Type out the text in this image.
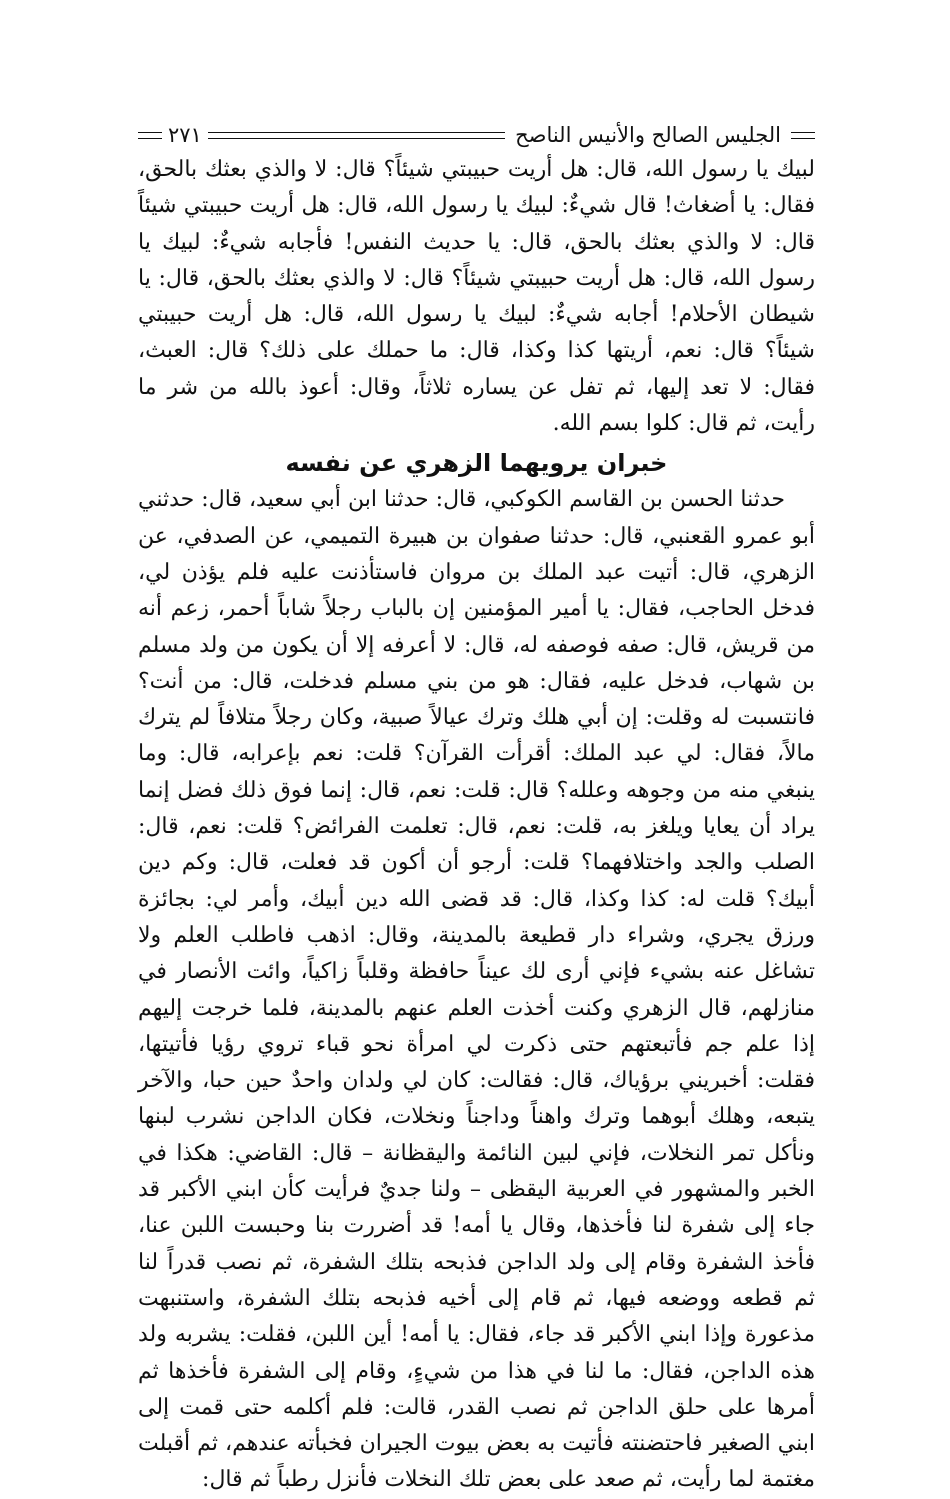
الجليس الصالح والأنيس الناصح
٢٧١

لبيك يا رسول الله، قال: هل أريت حبيبتي شيئاً؟ قال: لا والذي بعثك بالحق، فقال: يا أضغاث! قال شيءٌ: لبيك يا رسول الله، قال: هل أريت حبيبتي شيئاً قال: لا والذي بعثك بالحق، قال: يا حديث النفس! فأجابه شيءٌ: لبيك يا رسول الله، قال: هل أريت حبيبتي شيئاً؟ قال: لا والذي بعثك بالحق، قال: يا شيطان الأحلام! أجابه شيءٌ: لبيك يا رسول الله، قال: هل أريت حبيبتي شيئاً؟ قال: نعم، أريتها كذا وكذا، قال: ما حملك على ذلك؟ قال: العبث، فقال: لا تعد إليها، ثم تفل عن يساره ثلاثاً، وقال: أعوذ بالله من شر ما رأيت، ثم قال: كلوا بسم الله.

خبران يرويهما الزهري عن نفسه

حدثنا الحسن بن القاسم الكوكبي، قال: حدثنا ابن أبي سعيد، قال: حدثني أبو عمرو القعنبي، قال: حدثنا صفوان بن هبيرة التميمي، عن الصدفي، عن الزهري، قال: أتيت عبد الملك بن مروان فاستأذنت عليه فلم يؤذن لي، فدخل الحاجب، فقال: يا أمير المؤمنين إن بالباب رجلاً شاباً أحمر، زعم أنه من قريش، قال: صفه فوصفه له، قال: لا أعرفه إلا أن يكون من ولد مسلم بن شهاب، فدخل عليه، فقال: هو من بني مسلم فدخلت، قال: من أنت؟ فانتسبت له وقلت: إن أبي هلك وترك عيالاً صبية، وكان رجلاً متلافاً لم يترك مالاً، فقال: لي عبد الملك: أقرأت القرآن؟ قلت: نعم بإعرابه، قال: وما ينبغي منه من وجوهه وعلله؟ قال: قلت: نعم، قال: إنما فوق ذلك فضل إنما يراد أن يعايا ويلغز به، قلت: نعم، قال: تعلمت الفرائض؟ قلت: نعم، قال: الصلب والجد واختلافهما؟ قلت: أرجو أن أكون قد فعلت، قال: وكم دين أبيك؟ قلت له: كذا وكذا، قال: قد قضى الله دين أبيك، وأمر لي: بجائزة ورزق يجري، وشراء دار قطيعة بالمدينة، وقال: اذهب فاطلب العلم ولا تشاغل عنه بشيء فإني أرى لك عيناً حافظة وقلباً زاكياً، وائت الأنصار في منازلهم، قال الزهري وكنت أخذت العلم عنهم بالمدينة، فلما خرجت إليهم إذا علم جم فأتبعتهم حتى ذكرت لي امرأة نحو قباء تروي رؤيا فأتيتها، فقلت: أخبريني برؤياك، قال: فقالت: كان لي ولدان واحدٌ حين حبا، والآخر يتبعه، وهلك أبوهما وترك واهناً وداجناً ونخلات، فكان الداجن نشرب لبنها ونأكل تمر النخلات، فإني لبين النائمة واليقظانة – قال: القاضي: هكذا في الخبر والمشهور في العربية اليقظى – ولنا جديٌ فرأيت كأن ابني الأكبر قد جاء إلى شفرة لنا فأخذها، وقال يا أمه! قد أضررت بنا وحبست اللبن عنا، فأخذ الشفرة وقام إلى ولد الداجن فذبحه بتلك الشفرة، ثم نصب قدراً لنا ثم قطعه ووضعه فيها، ثم قام إلى أخيه فذبحه بتلك الشفرة، واستنبهت مذعورة وإذا ابني الأكبر قد جاء، فقال: يا أمه! أين اللبن، فقلت: يشربه ولد هذه الداجن، فقال: ما لنا في هذا من شيءٍ، وقام إلى الشفرة فأخذها ثم أمرها على حلق الداجن ثم نصب القدر، قالت: فلم أكلمه حتى قمت إلى ابني الصغير فاحتضنته فأتيت به بعض بيوت الجيران فخبأته عندهم، ثم أقبلت مغتمة لما رأيت، ثم صعد على بعض تلك النخلات فأنزل رطباً ثم قال:
